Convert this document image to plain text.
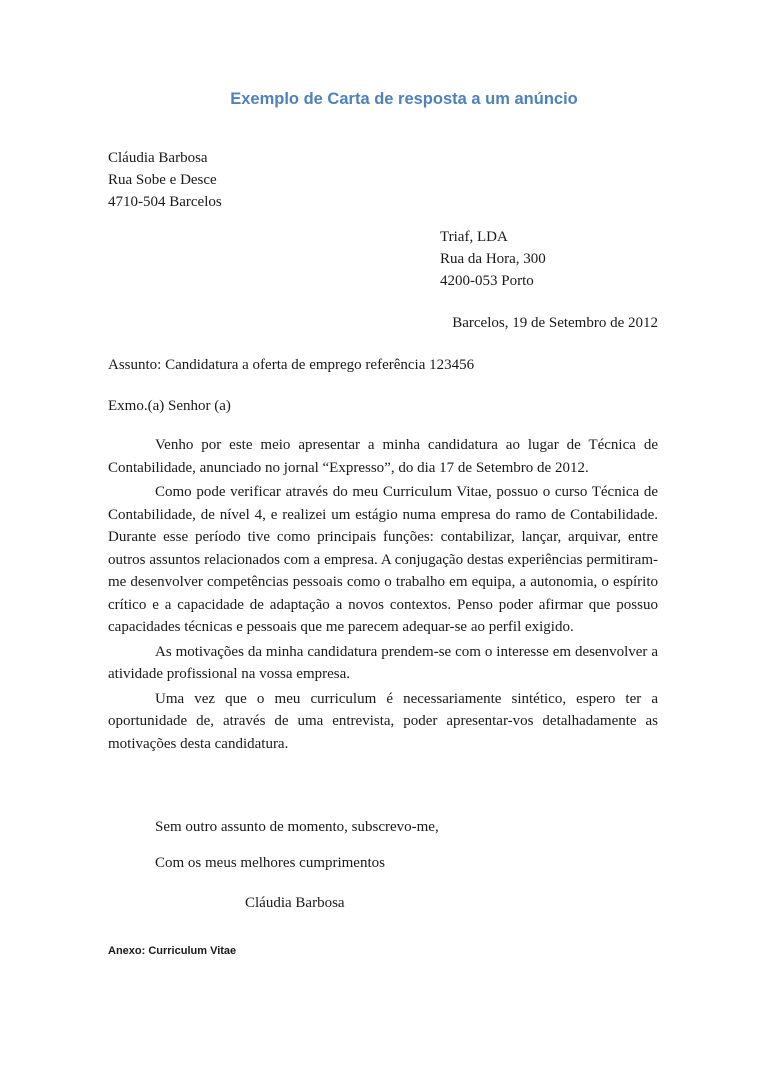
Exemplo de Carta de resposta a um anúncio
Cláudia Barbosa
Rua Sobe e Desce
4710-504 Barcelos
Triaf, LDA
Rua da Hora, 300
4200-053 Porto
Barcelos, 19 de Setembro de 2012
Assunto: Candidatura a oferta de emprego referência 123456
Exmo.(a) Senhor (a)

Venho por este meio apresentar a minha candidatura ao lugar de Técnica de Contabilidade, anunciado no jornal “Expresso”, do dia 17 de Setembro de 2012.

Como pode verificar através do meu Curriculum Vitae, possuo o curso Técnica de Contabilidade, de nível 4, e realizei um estágio numa empresa do ramo de Contabilidade. Durante esse período tive como principais funções: contabilizar, lançar, arquivar, entre outros assuntos relacionados com a empresa. A conjugação destas experiências permitiram-me desenvolver competências pessoais como o trabalho em equipa, a autonomia, o espírito crítico e a capacidade de adaptação a novos contextos. Penso poder afirmar que possuo capacidades técnicas e pessoais que me parecem adequar-se ao perfil exigido.

As motivações da minha candidatura prendem-se com o interesse em desenvolver a atividade profissional na vossa empresa.

Uma vez que o meu curriculum é necessariamente sintético, espero ter a oportunidade de, através de uma entrevista, poder apresentar-vos detalhadamente as motivações desta candidatura.

Sem outro assunto de momento, subscrevo-me,
Com os meus melhores cumprimentos
Cláudia Barbosa
Anexo: Curriculum Vitae
